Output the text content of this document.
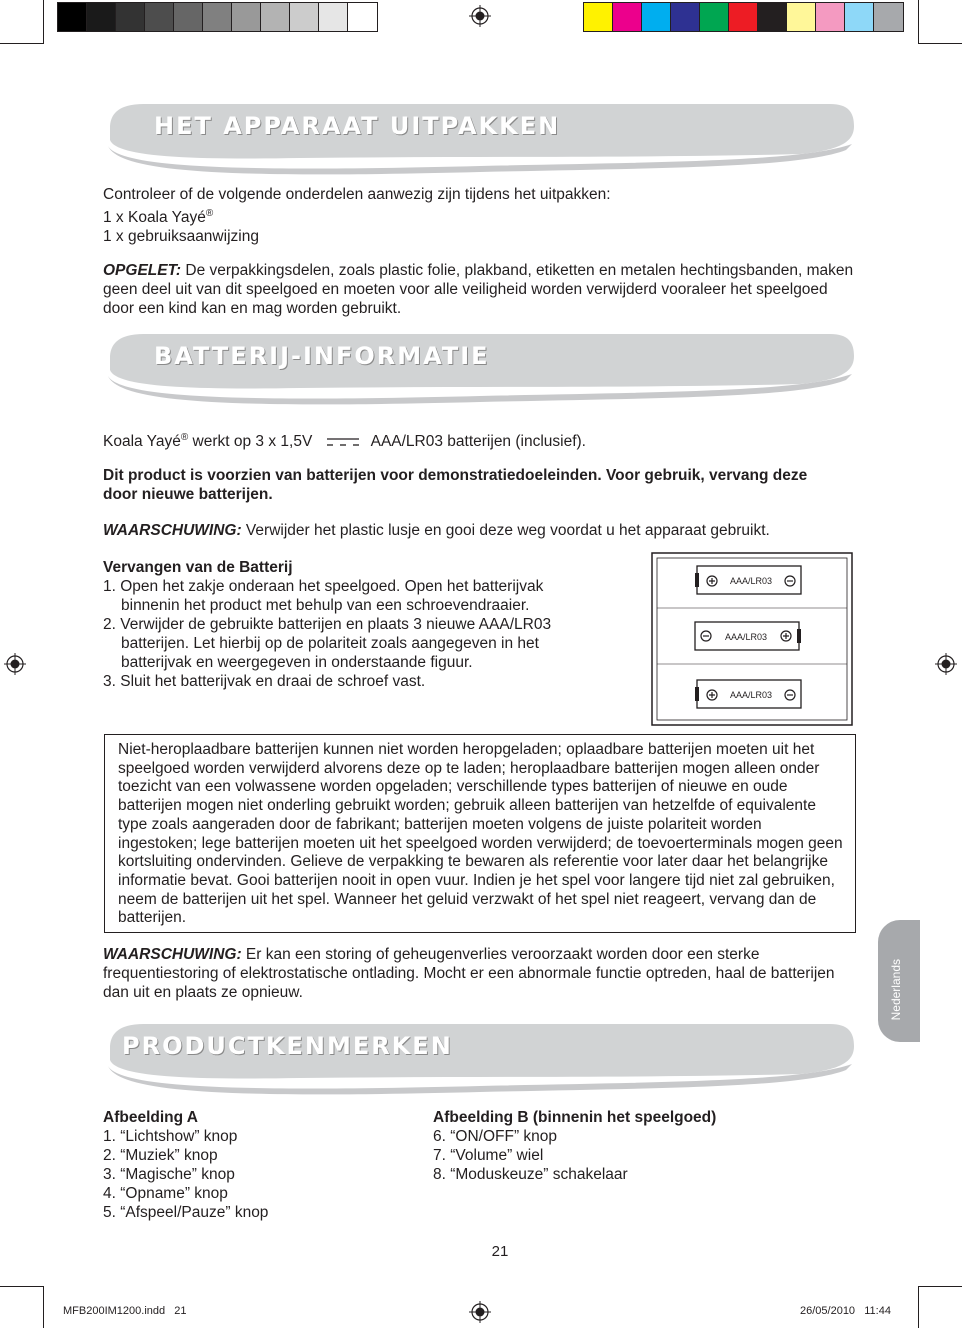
HET APPARAAT UITPAKKEN
Controleer of de volgende onderdelen aanwezig zijn tijdens het uitpakken:
1 x Koala Yayé®
1 x gebruiksaanwijzing
OPGELET: De verpakkingsdelen, zoals plastic folie, plakband, etiketten en metalen hechtingsbanden, maken geen deel uit van dit speelgoed en moeten voor alle veiligheid worden verwijderd vooraleer het speelgoed door een kind kan en mag worden gebruikt.
BATTERIJ-INFORMATIE
Koala Yayé® werkt op 3 x 1,5V	AAA/LR03 batterijen (inclusief).
Dit product is voorzien van batterijen voor demonstratiedoeleinden. Voor gebruik, vervang deze door nieuwe batterijen.
WAARSCHUWING: Verwijder het plastic lusje en gooi deze weg voordat u het apparaat gebruikt.
Vervangen van de Batterij
1. Open het zakje onderaan het speelgoed. Open het batterijvak binnenin het product met behulp van een schroevendraaier.
2. Verwijder de gebruikte batterijen en plaats 3 nieuwe AAA/LR03 batterijen. Let hierbij op de polariteit zoals aangegeven in het batterijvak en weergegeven in onderstaande figuur.
3. Sluit het batterijvak en draai de schroef vast.
AAA/LR03
AAA/LR03
AAA/LR03
Niet-heroplaadbare batterijen kunnen niet worden heropgeladen; oplaadbare batterijen moeten uit het speelgoed worden verwijderd alvorens deze op te laden; heroplaadbare batterijen mogen alleen onder toezicht van een volwassene worden opgeladen; verschillende types batterijen of nieuwe en oude batterijen mogen niet onderling gebruikt worden; gebruik alleen batterijen van hetzelfde of equivalente type zoals aangeraden door de fabrikant; batterijen moeten volgens de juiste polariteit worden ingestoken; lege batterijen moeten uit het speelgoed worden verwijderd; de toevoerterminals mogen geen kortsluiting ondervinden. Gelieve de verpakking te bewaren als referentie voor later daar het belangrijke informatie bevat. Gooi batterijen nooit in open vuur. Indien je het spel voor langere tijd niet zal gebruiken, neem de batterijen uit het spel. Wanneer het geluid verzwakt of het spel niet reageert, vervang dan de batterijen.
WAARSCHUWING: Er kan een storing of geheugenverlies veroorzaakt worden door een sterke frequentiestoring of elektrostatische ontlading. Mocht er een abnormale functie optreden, haal de batterijen dan uit en plaats ze opnieuw.	Nederlands
PRODUCTKENMERKEN
Afbeelding A
1. “Lichtshow” knop
2. “Muziek” knop
3. “Magische” knop
4. “Opname” knop
5. “Afspeel/Pauze” knop
Afbeelding B (binnenin het speelgoed)
6. “ON/OFF” knop
7. “Volume” wiel
8. “Moduskeuze” schakelaar
21
MFB200IM1200.indd   21	26/05/2010   11:44
